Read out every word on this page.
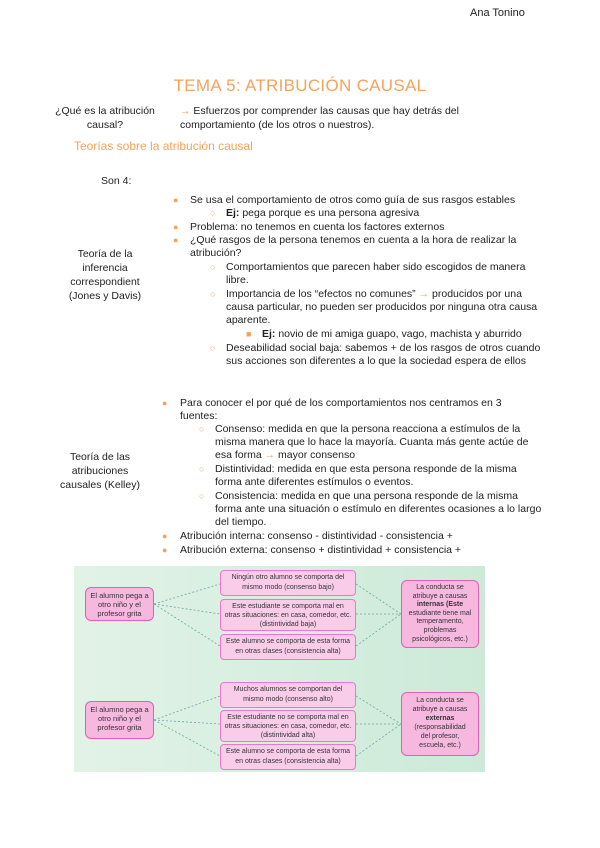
Ana Tonino
TEMA 5: ATRIBUCIÓN CAUSAL
¿Qué es la atribución causal?
→ Esfuerzos por comprender las causas que hay detrás del
comportamiento (de los otros o nuestros).
Teorías sobre la atribución causal
Son 4:
Teoría de la
inferencia
correspondient
(Jones y Davis)
● Se usa el comportamiento de otros como guía de sus rasgos estables
○ Ej: pega porque es una persona agresiva
● Problema: no tenemos en cuenta los factores externos
● ¿Qué rasgos de la persona tenemos en cuenta a la hora de realizar la
atribución?
○ Comportamientos que parecen haber sido escogidos de manera
libre.
○ Importancia de los “efectos no comunes” → producidos por una
causa particular, no pueden ser producidos por ninguna otra causa
aparente.
■ Ej: novio de mi amiga guapo, vago, machista y aburrido
○ Deseabilidad social baja: sabemos + de los rasgos de otros cuando
sus acciones son diferentes a lo que la sociedad espera de ellos
Teoría de las
atribuciones
causales (Kelley)
● Para conocer el por qué de los comportamientos nos centramos en 3
fuentes:
○ Consenso: medida en que la persona reacciona a estímulos de la
misma manera que lo hace la mayoría. Cuanta más gente actúe de
esa forma → mayor consenso
○ Distintividad: medida en que esta persona responde de la misma
forma ante diferentes estímulos o eventos.
○ Consistencia: medida en que una persona responde de la misma
forma ante una situación o estímulo en diferentes ocasiones a lo largo
del tiempo.
● Atribución interna: consenso - distintividad - consistencia +
● Atribución externa: consenso + distintividad + consistencia +
El alumno pega a
otro niño y el
profesor grita
Ningún otro alumno se comporta del
mismo modo (consenso bajo)
Este estudiante se comporta mal en
otras situaciones: en casa, comedor, etc.
(distintividad baja)
Este alumno se comporta de esta forma
en otras clases (consistencia alta)
La conducta se
atribuye a causas
internas (Este
estudiante tiene mal
temperamento,
problemas
psicológicos, etc.)
El alumno pega a
otro niño y el
profesor grita
Muchos alumnos se comportan del
mismo modo (consenso alto)
Este estudiante no se comporta mal en
otras situaciones: en casa, comedor, etc.
(distintividad alta)
Este alumno se comporta de esta forma
en otras clases (consistencia alta)
La conducta se
atribuye a causas
externas
(responsabilidad
del profesor,
escuela, etc.)
